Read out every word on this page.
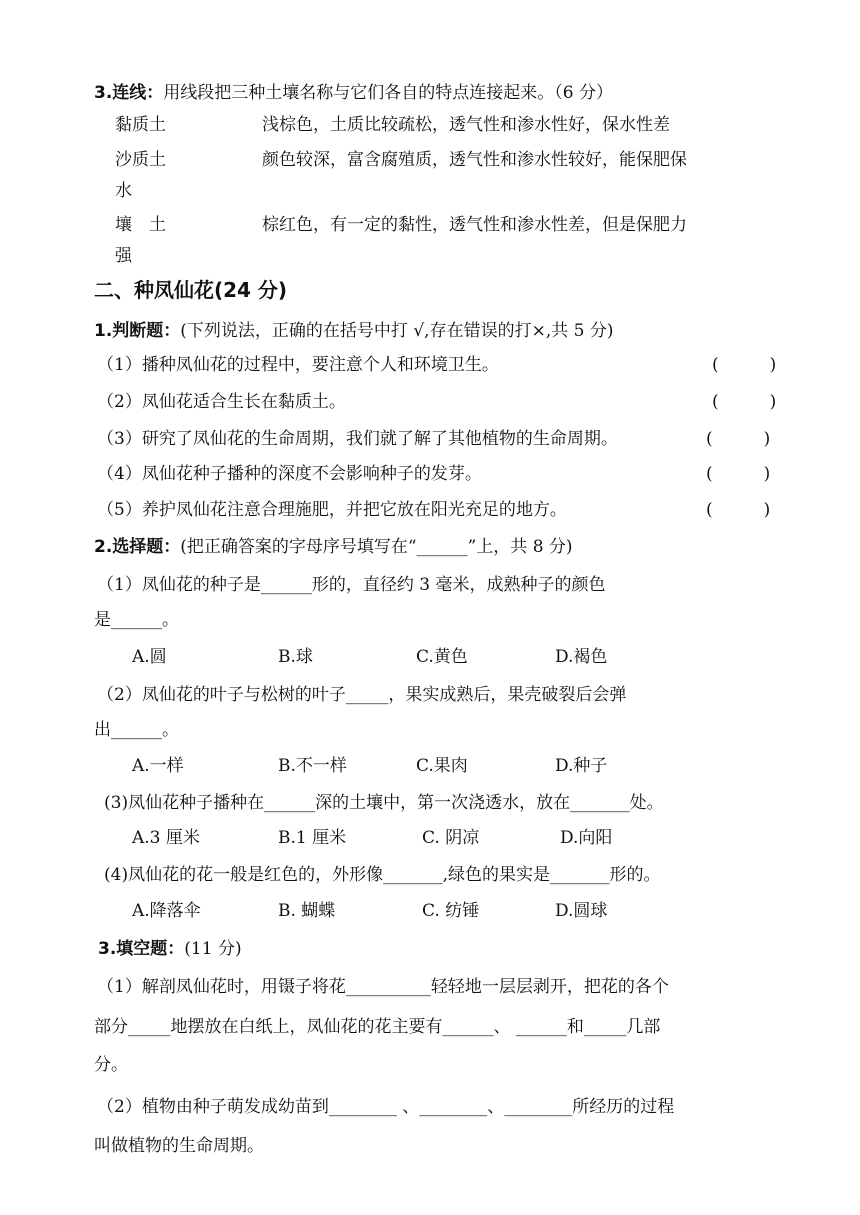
3.连线：用线段把三种土壤名称与它们各自的特点连接起来。（6 分）
黏质土	浅棕色，土质比较疏松，透气性和渗水性好，保水性差
沙质土	颜色较深，富含腐殖质，透气性和渗水性较好，能保肥保
水
壤　土	棕红色，有一定的黏性，透气性和渗水性差，但是保肥力
强
二、种凤仙花(24 分)
1.判断题：(下列说法，正确的在括号中打 √,存在错误的打×,共 5 分)
（1）播种凤仙花的过程中，要注意个人和环境卫生。	(　　　)
（2）凤仙花适合生长在黏质土。	(　　　)
（3）研究了凤仙花的生命周期，我们就了解了其他植物的生命周期。	(　　　)
（4）凤仙花种子播种的深度不会影响种子的发芽。	(　　　)
（5）养护凤仙花注意合理施肥，并把它放在阳光充足的地方。	(　　　)
2.选择题：(把正确答案的字母序号填写在“______”上，共 8 分)
（1）凤仙花的种子是______形的，直径约 3 毫米，成熟种子的颜色
是______。
A.圆	B.球	C.黄色	D.褐色
（2）凤仙花的叶子与松树的叶子_____，果实成熟后，果壳破裂后会弹
出______。
A.一样	B.不一样	C.果肉	D.种子
(3)凤仙花种子播种在______深的土壤中，第一次浇透水，放在_______处。
A.3 厘米	B.1 厘米	C. 阴凉	D.向阳
(4)凤仙花的花一般是红色的，外形像_______,绿色的果实是_______形的。
A.降落伞	B. 蝴蝶	C. 纺锤	D.圆球
3.填空题：(11 分)
（1）解剖凤仙花时，用镊子将花__________轻轻地一层层剥开，把花的各个
部分_____地摆放在白纸上，凤仙花的花主要有______、 ______和_____几部
分。
（2）植物由种子萌发成幼苗到________ 、________、________所经历的过程
叫做植物的生命周期。
